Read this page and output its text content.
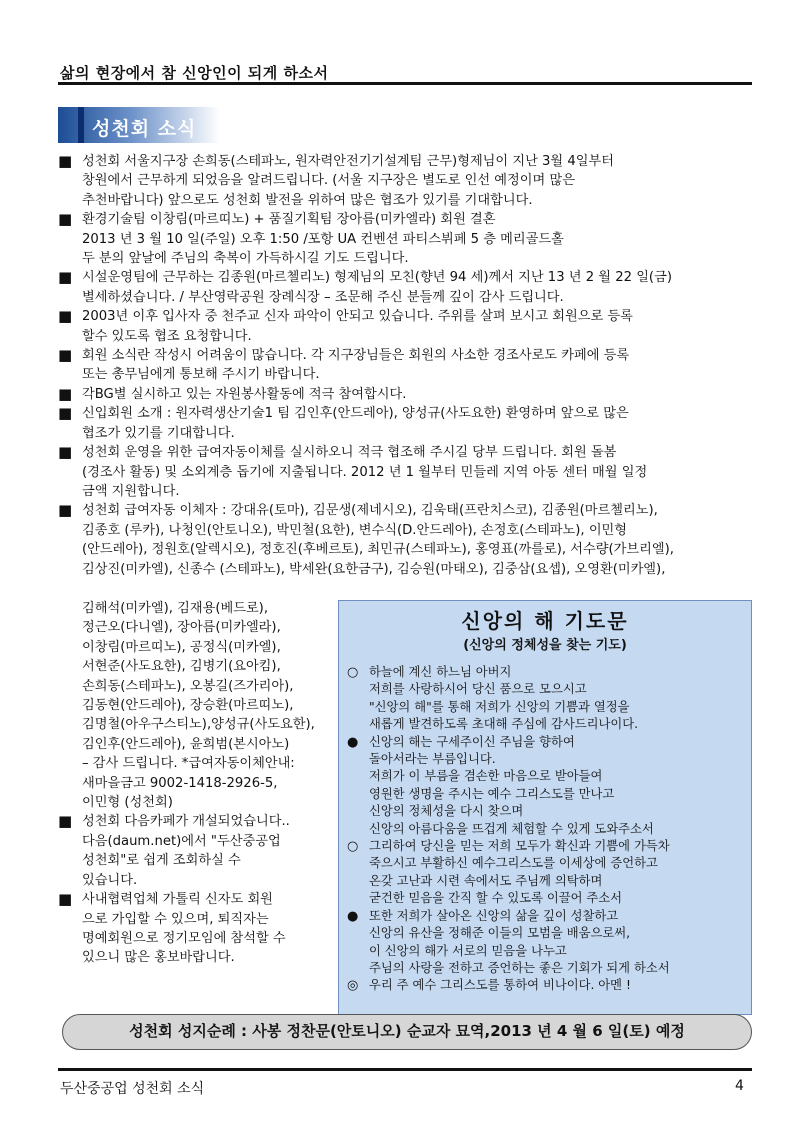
삶의 현장에서 참 신앙인이 되게 하소서
성천회 소식
■ 성천회 서울지구장 손희동(스테파노, 원자력안전기기설계팀 근무)형제님이 지난 3월 4일부터
창원에서 근무하게 되었음을 알려드립니다. (서울 지구장은 별도로 인선 예정이며 많은
추천바랍니다) 앞으로도 성천회 발전을 위하여 많은 협조가 있기를 기대합니다.
■ 환경기술팀 이창림(마르띠노) + 품질기획팀 장아름(미카엘라) 회원 결혼
2013 년 3 월 10 일(주일) 오후 1:50 /포항 UA 컨벤션 파티스뷔페 5 층 메리골드홀
두 분의 앞날에 주님의 축복이 가득하시길 기도 드립니다.
■ 시설운영팀에 근무하는 김종원(마르첼리노) 형제님의 모친(향년 94 세)께서 지난 13 년 2 월 22 일(금)
별세하셨습니다. / 부산영락공원 장례식장 – 조문해 주신 분들께 깊이 감사 드립니다.
■ 2003년 이후 입사자 중 천주교 신자 파악이 안되고 있습니다. 주위를 살펴 보시고 회원으로 등록
할수 있도록 협조 요청합니다.
■ 회원 소식란 작성시 어려움이 많습니다. 각 지구장님들은 회원의 사소한 경조사로도 카페에 등록
또는 총무님에게 통보해 주시기 바랍니다.
■ 각BG별 실시하고 있는 자원봉사활동에 적극 참여합시다.
■ 신입회원 소개 : 원자력생산기술1 팀 김인후(안드레아), 양성규(사도요한) 환영하며 앞으로 많은
협조가 있기를 기대합니다.
■ 성천회 운영을 위한 급여자동이체를 실시하오니 적극 협조해 주시길 당부 드립니다. 회원 돌봄
(경조사 활동) 및 소외계층 돕기에 지출됩니다. 2012 년 1 월부터 민들레 지역 아동 센터 매월 일정
금액 지원합니다.
■ 성천회 급여자동 이체자 : 강대유(토마), 김문생(제네시오), 김욱태(프란치스코), 김종원(마르첼리노),
김종호 (루카), 나청인(안토니오), 박민철(요한), 변수식(D.안드레아), 손정호(스테파노), 이민형
(안드레아), 정원호(알렉시오), 정호진(후베르토), 최민규(스테파노), 홍영표(까를로), 서수량(가브리엘),
김상진(미카엘), 신종수 (스테파노), 박세완(요한금구), 김승원(마태오), 김중삼(요셉), 오영환(미카엘),
김해석(미카엘), 김재용(베드로),
정근오(다니엘), 장아름(미카엘라),
이창림(마르띠노), 공정식(미카엘),
서현준(사도요한), 김병기(요아킴),
손희동(스테파노), 오봉길(즈가리아),
김동현(안드레아), 장승환(마르띠노),
김명철(아우구스티노),양성규(사도요한),
김인후(안드레아), 윤희범(본시아노)
– 감사 드립니다. *급여자동이체안내:
새마을금고 9002-1418-2926-5,
이민형 (성천회)
■ 성천회 다음카페가 개설되었습니다..
다음(daum.net)에서 "두산중공업
성천회"로 쉽게 조회하실 수
있습니다.
■ 사내협력업체 가톨릭 신자도 회원
으로 가입할 수 있으며, 퇴직자는
명예회원으로 정기모임에 참석할 수
있으니 많은 홍보바랍니다.
신앙의 해 기도문
(신앙의 정체성을 찾는 기도)
○ 하늘에 계신 하느님 아버지
저희를 사랑하시어 당신 품으로 모으시고
"신앙의 해"를 통해 저희가 신앙의 기쁨과 열정을
새롭게 발견하도록 초대해 주심에 감사드리나이다.
● 신앙의 해는 구세주이신 주님을 향하여
돌아서라는 부름입니다.
저희가 이 부름을 겸손한 마음으로 받아들여
영원한 생명을 주시는 예수 그리스도를 만나고
신앙의 정체성을 다시 찾으며
신앙의 아름다움을 뜨겁게 체험할 수 있게 도와주소서
○ 그리하여 당신을 믿는 저희 모두가 확신과 기쁨에 가득차
죽으시고 부활하신 예수그리스도를 이세상에 증언하고
온갖 고난과 시련 속에서도 주님께 의탁하며
굳건한 믿음을 간직 할 수 있도록 이끌어 주소서
● 또한 저희가 살아온 신앙의 삶을 깊이 성찰하고
신앙의 유산을 정해준 이들의 모범을 배움으로써,
이 신앙의 해가 서로의 믿음을 나누고
주님의 사랑을 전하고 증언하는 좋은 기회가 되게 하소서
◎ 우리 주 예수 그리스도를 통하여 비나이다. 아멘 !
성천회 성지순례 : 사봉 정찬문(안토니오) 순교자 묘역,2013 년 4 월 6 일(토) 예정
두산중공업 성천회 소식	4
